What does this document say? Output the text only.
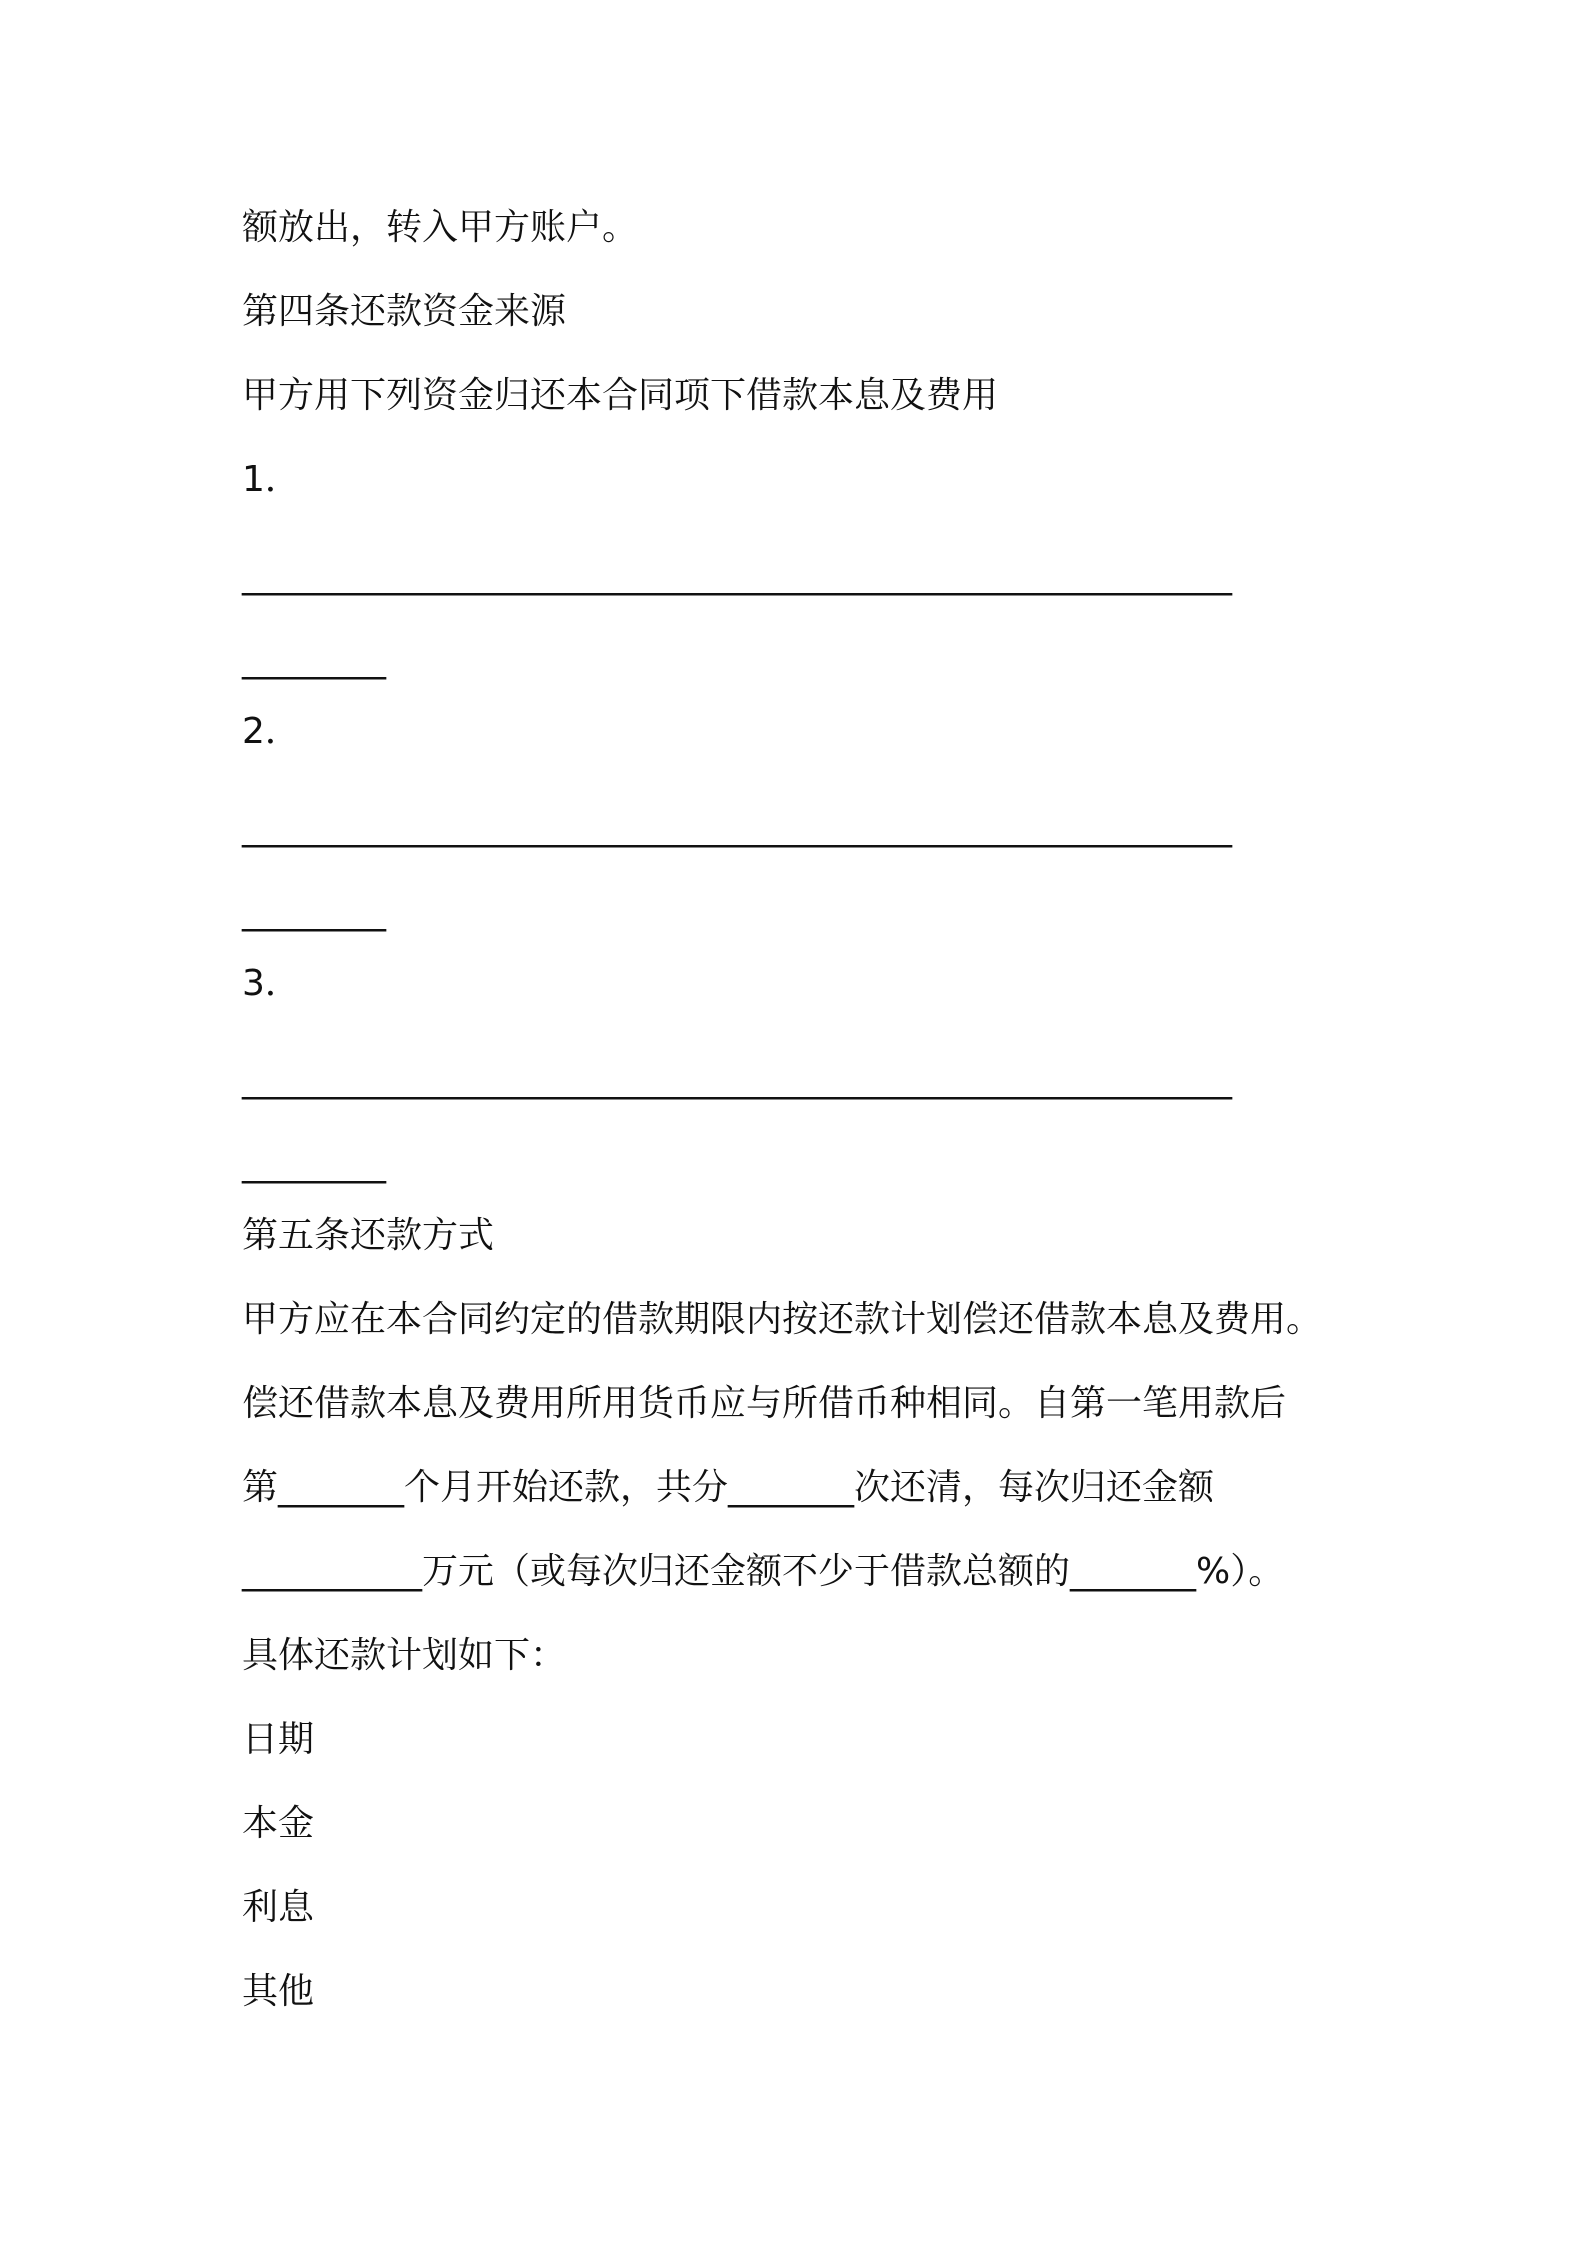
额放出，转入甲方账户。
第四条还款资金来源
甲方用下列资金归还本合同项下借款本息及费用
1．
_______________________________________________________
________
2．
_______________________________________________________
________
3．
_______________________________________________________
________
第五条还款方式
甲方应在本合同约定的借款期限内按还款计划偿还借款本息及费用。
偿还借款本息及费用所用货币应与所借币种相同。自第一笔用款后
第_______个月开始还款，共分_______次还清，每次归还金额
__________万元（或每次归还金额不少于借款总额的_______%）。
具体还款计划如下：
日期
本金
利息
其他
